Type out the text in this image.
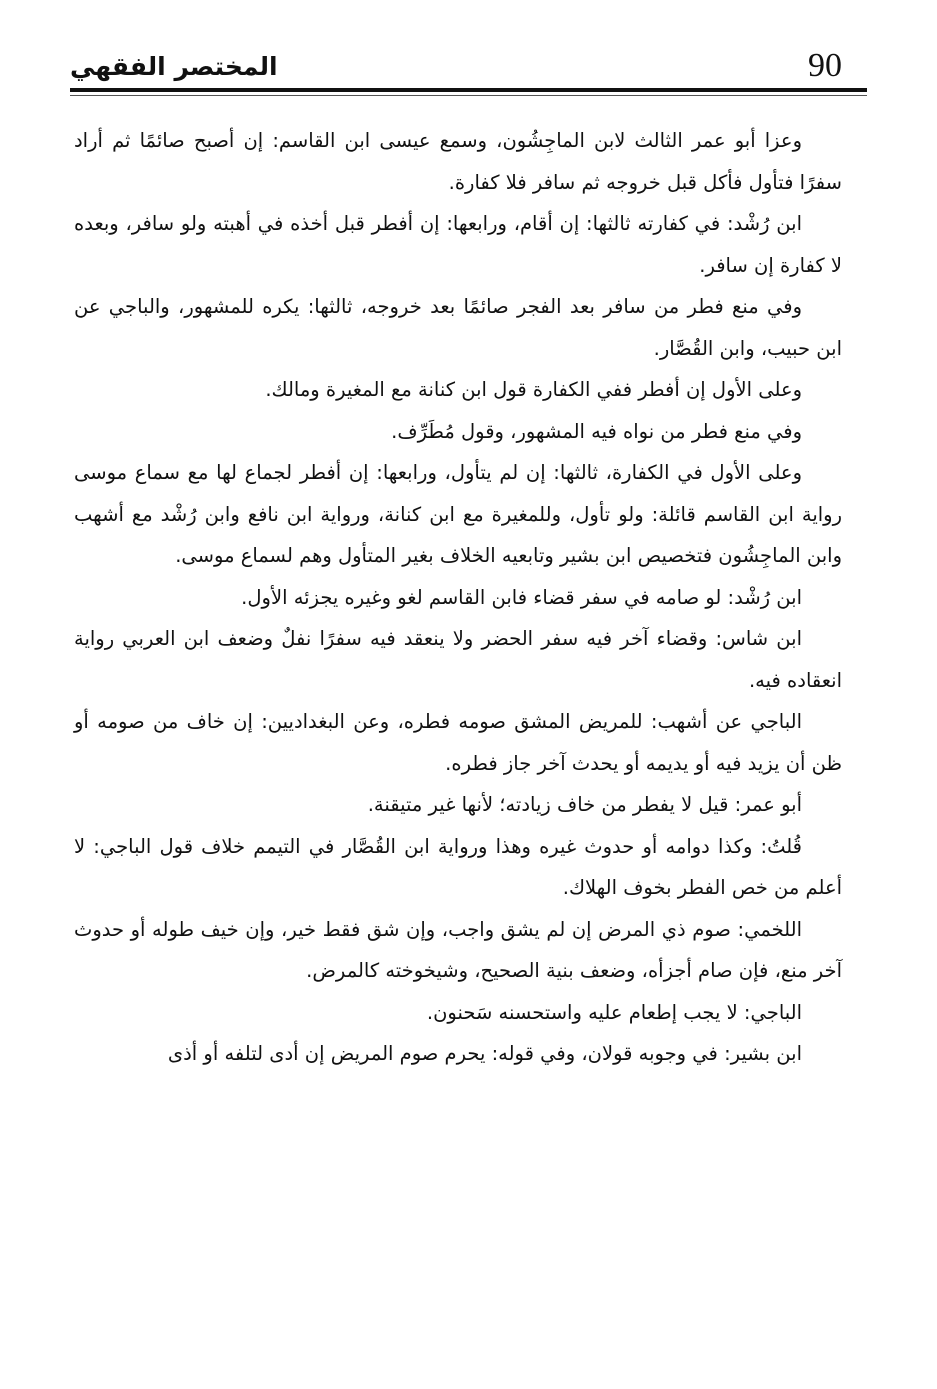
90
المختصر الفقهي

وعزا أبو عمر الثالث لابن الماجِشُون، وسمع عيسى ابن القاسم: إن أصبح صائمًا ثم أراد سفرًا فتأول فأكل قبل خروجه ثم سافر فلا كفارة.

ابن رُشْد: في كفارته ثالثها: إن أقام، ورابعها: إن أفطر قبل أخذه في أهبته ولو سافر، وبعده لا كفارة إن سافر.

وفي منع فطر من سافر بعد الفجر صائمًا بعد خروجه، ثالثها: يكره للمشهور، والباجي عن ابن حبيب، وابن القُصَّار.

وعلى الأول إن أفطر ففي الكفارة قول ابن كنانة مع المغيرة ومالك.

وفي منع فطر من نواه فيه المشهور، وقول مُطَرِّف.

وعلى الأول في الكفارة، ثالثها: إن لم يتأول، ورابعها: إن أفطر لجماع لها مع سماع موسى رواية ابن القاسم قائلة: ولو تأول، وللمغيرة مع ابن كنانة، ورواية ابن نافع وابن رُشْد مع أشهب وابن الماجِشُون فتخصيص ابن بشير وتابعيه الخلاف بغير المتأول وهم لسماع موسى.

ابن رُشْد: لو صامه في سفر قضاء فابن القاسم لغو وغيره يجزئه الأول.

ابن شاس: وقضاء آخر فيه سفر الحضر ولا ينعقد فيه سفرًا نفلٌ وضعف ابن العربي رواية انعقاده فيه.

الباجي عن أشهب: للمريض المشق صومه فطره، وعن البغداديين: إن خاف من صومه أو ظن أن يزيد فيه أو يديمه أو يحدث آخر جاز فطره.

أبو عمر: قيل لا يفطر من خاف زيادته؛ لأنها غير متيقنة.

قُلتُ: وكذا دوامه أو حدوث غيره وهذا ورواية ابن القُصَّار في التيمم خلاف قول الباجي: لا أعلم من خص الفطر بخوف الهلاك.

اللخمي: صوم ذي المرض إن لم يشق واجب، وإن شق فقط خير، وإن خيف طوله أو حدوث آخر منع، فإن صام أجزأه، وضعف بنية الصحيح، وشيخوخته كالمرض.

الباجي: لا يجب إطعام عليه واستحسنه سَحنون.

ابن بشير: في وجوبه قولان، وفي قوله: يحرم صوم المريض إن أدى لتلفه أو أذى
